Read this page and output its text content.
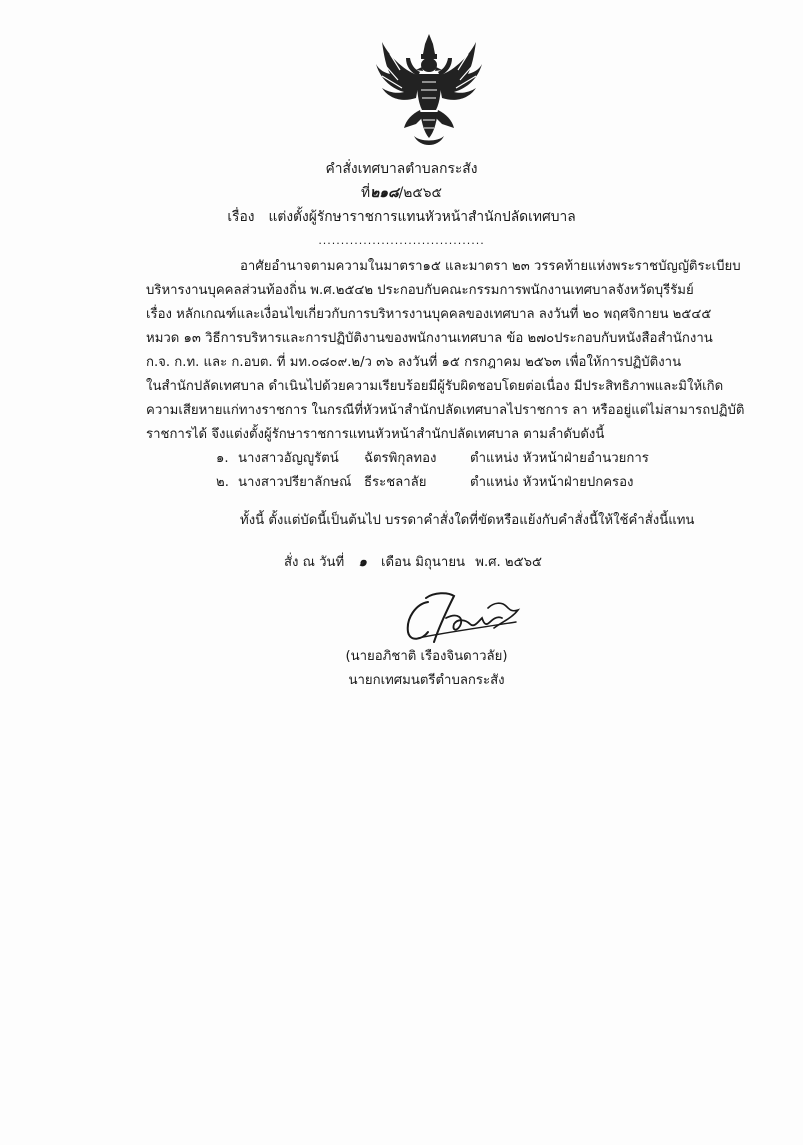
คำสั่งเทศบาลตำบลกระสัง
ที่๒๑๘/๒๕๖๕
เรื่อง แต่งตั้งผู้รักษาราชการแทนหัวหน้าสำนักปลัดเทศบาล
.....................................
อาศัยอำนาจตามความในมาตรา๑๕ และมาตรา ๒๓ วรรคท้ายแห่งพระราชบัญญัติระเบียบ
บริหารงานบุคคลส่วนท้องถิ่น พ.ศ.๒๕๔๒ ประกอบกับคณะกรรมการพนักงานเทศบาลจังหวัดบุรีรัมย์
เรื่อง หลักเกณฑ์และเงื่อนไขเกี่ยวกับการบริหารงานบุคคลของเทศบาล ลงวันที่ ๒๐ พฤศจิกายน ๒๕๔๕
หมวด ๑๓ วิธีการบริหารและการปฏิบัติงานของพนักงานเทศบาล ข้อ ๒๗๐ประกอบกับหนังสือสำนักงาน
ก.จ. ก.ท. และ ก.อบต. ที่ มท.๐๘๐๙.๒/ว ๓๖ ลงวันที่ ๑๕ กรกฎาคม ๒๕๖๓ เพื่อให้การปฏิบัติงาน
ในสำนักปลัดเทศบาล ดำเนินไปด้วยความเรียบร้อยมีผู้รับผิดชอบโดยต่อเนื่อง มีประสิทธิภาพและมิให้เกิด
ความเสียหายแก่ทางราชการ ในกรณีที่หัวหน้าสำนักปลัดเทศบาลไปราชการ ลา หรืออยู่แต่ไม่สามารถปฏิบัติ
ราชการได้ จึงแต่งตั้งผู้รักษาราชการแทนหัวหน้าสำนักปลัดเทศบาล ตามลำดับดังนี้
๑. นางสาวอัญญูรัตน์ ฉัตรพิกุลทอง	ตำแหน่ง หัวหน้าฝ่ายอำนวยการ
๒. นางสาวปรียาลักษณ์ ธีระชลาลัย	ตำแหน่ง หัวหน้าฝ่ายปกครอง
ทั้งนี้ ตั้งแต่บัดนี้เป็นต้นไป บรรดาคำสั่งใดที่ขัดหรือแย้งกับคำสั่งนี้ให้ใช้คำสั่งนี้แทน
สั่ง ณ วันที่ ๑ เดือน มิถุนายน พ.ศ. ๒๕๖๕
(นายอภิชาติ เรืองจินดาวลัย)
นายกเทศมนตรีตำบลกระสัง
